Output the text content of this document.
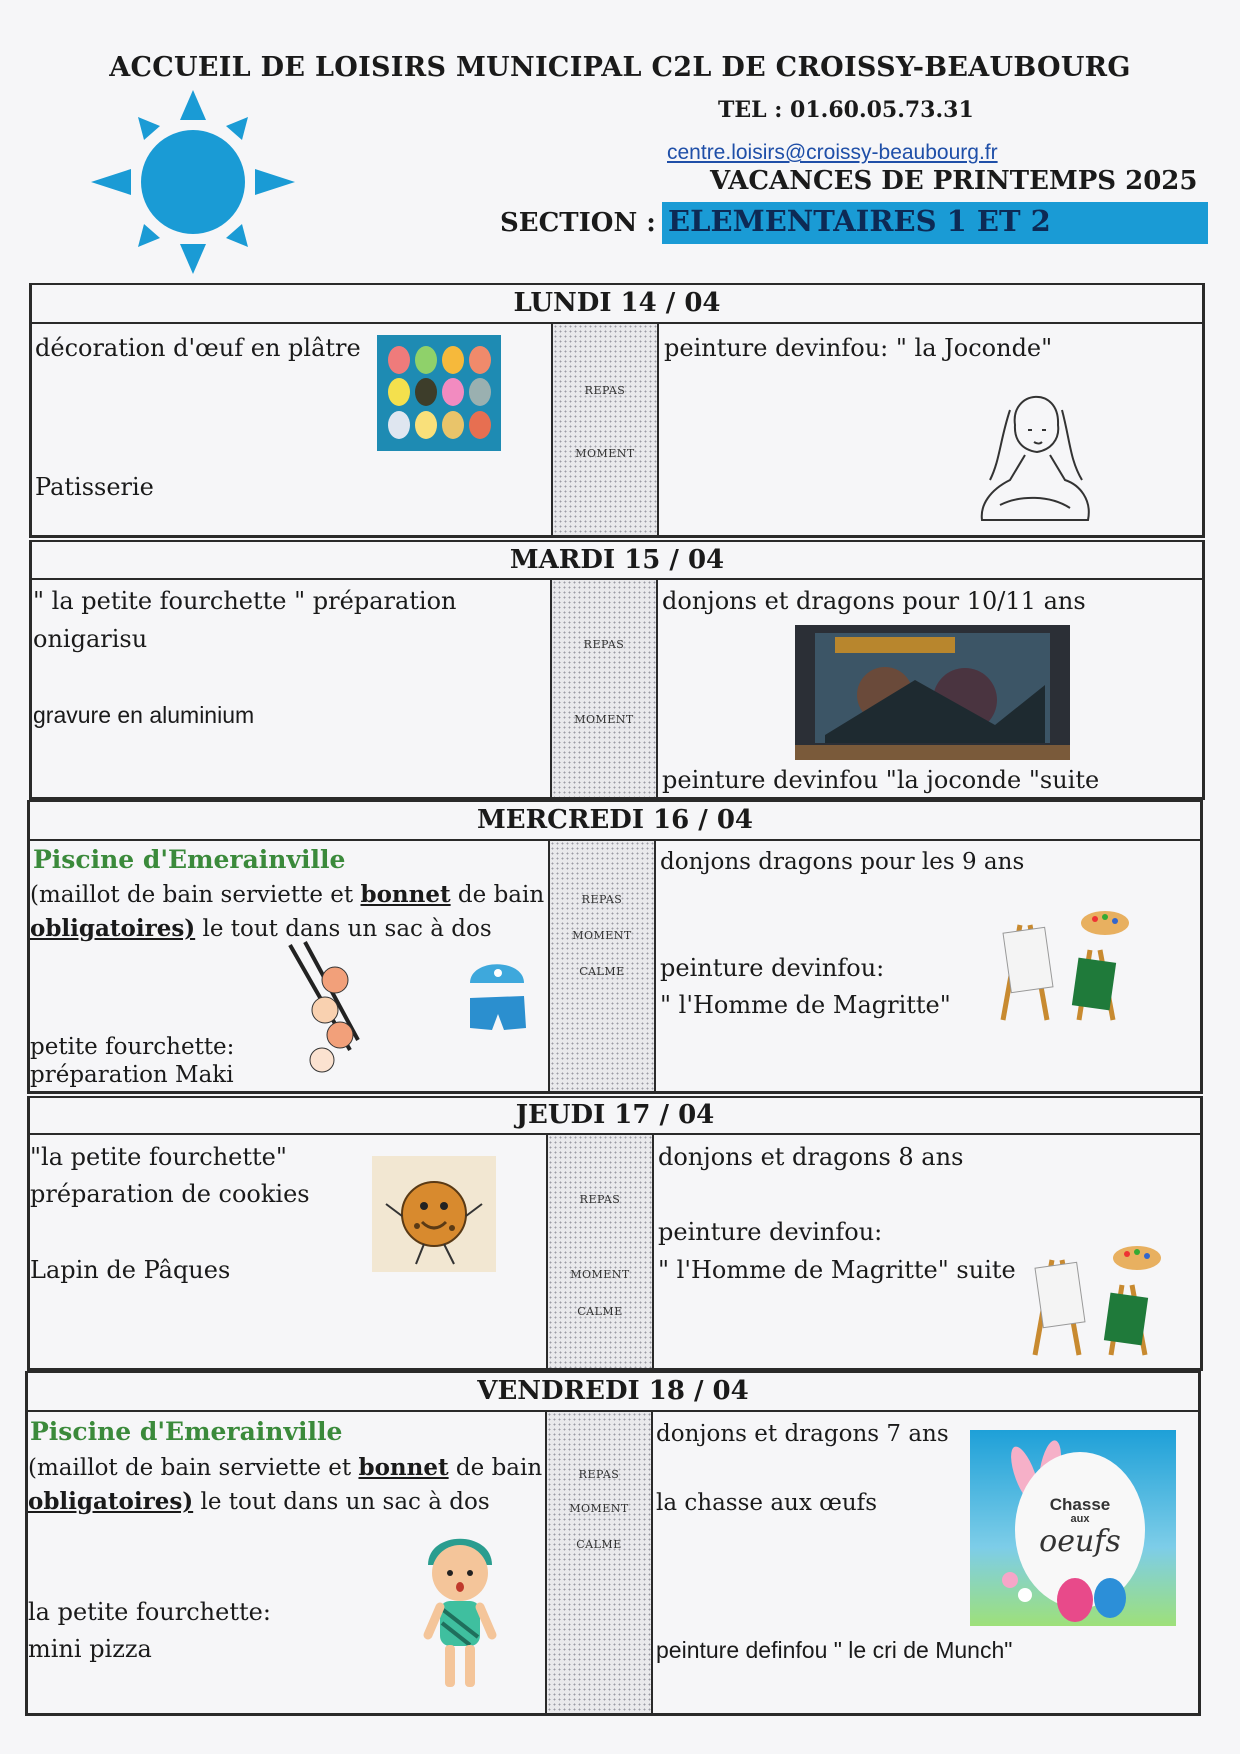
ACCUEIL DE LOISIRS MUNICIPAL C2L DE CROISSY-BEAUBOURG
TEL : 01.60.05.73.31
centre.loisirs@croissy-beaubourg.fr
VACANCES DE PRINTEMPS 2025
SECTION : ELEMENTAIRES 1 ET 2
LUNDI 14 / 04
REPAS
MOMENT
décoration d'œuf en plâtre
Patisserie
peinture devinfou: " la Joconde"
MARDI 15 / 04
REPAS
MOMENT
" la petite fourchette " préparation
onigarisu
gravure en aluminium
donjons et dragons pour 10/11 ans
peinture devinfou "la joconde "suite
MERCREDI 16 / 04
REPAS
MOMENT
CALME
Piscine d'Emerainville
(maillot de bain serviette et bonnet de bain
obligatoires) le tout dans un sac à dos
petite fourchette:
préparation Maki
donjons dragons pour les 9 ans
peinture devinfou:
" l'Homme de Magritte"
JEUDI 17 / 04
REPAS
MOMENT
CALME
"la petite fourchette"
préparation de cookies
Lapin de Pâques
donjons et dragons 8 ans
peinture devinfou:
" l'Homme de Magritte" suite
VENDREDI 18 / 04
REPAS
MOMENT
CALME
Piscine d'Emerainville
(maillot de bain serviette et bonnet de bain
obligatoires) le tout dans un sac à dos
la petite fourchette:
mini pizza
donjons et dragons 7 ans
la chasse aux œufs
peinture definfou " le cri de Munch"
Chasse
aux
oeufs
